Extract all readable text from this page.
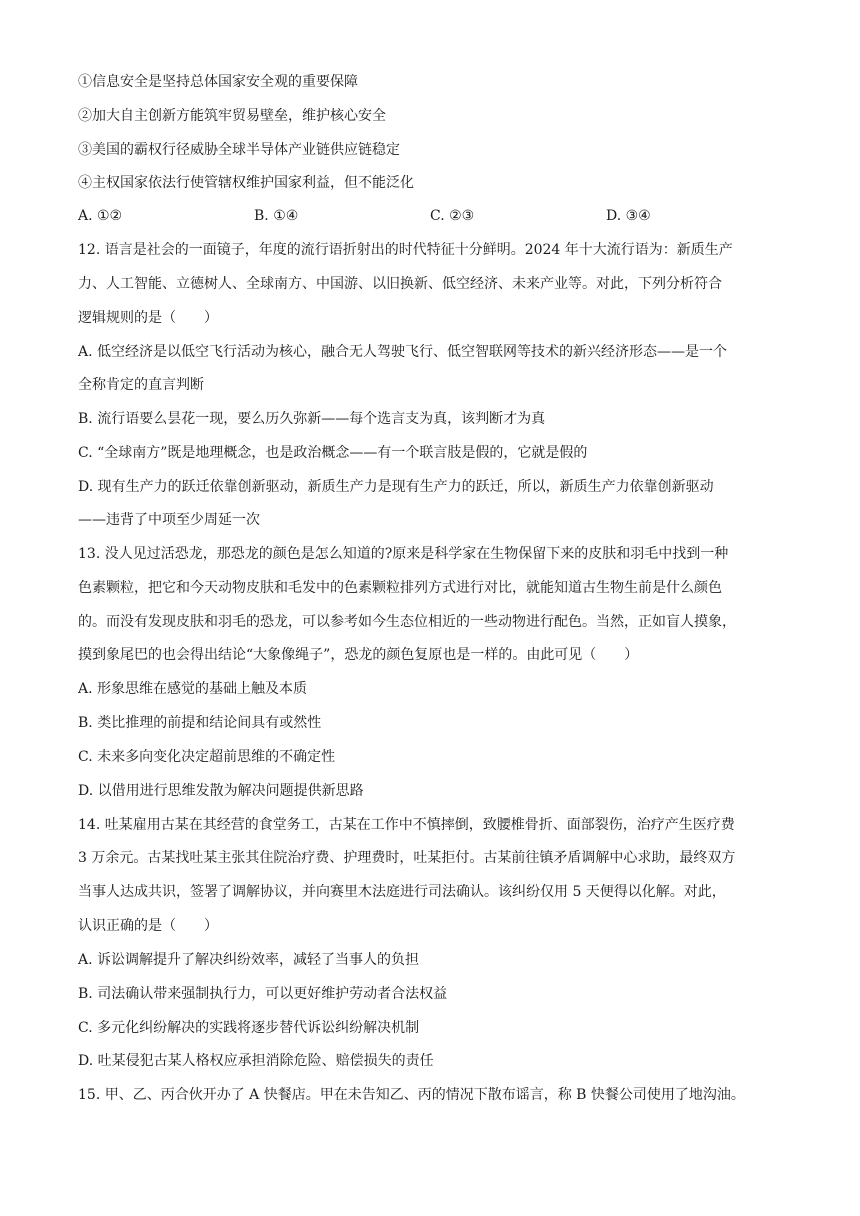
①信息安全是坚持总体国家安全观的重要保障
②加大自主创新方能筑牢贸易壁垒，维护核心安全
③美国的霸权行径威胁全球半导体产业链供应链稳定
④主权国家依法行使管辖权维护国家利益，但不能泛化
A. ①②	B. ①④	C. ②③	D. ③④
12. 语言是社会的一面镜子，年度的流行语折射出的时代特征十分鲜明。2024 年十大流行语为：新质生产
力、人工智能、立德树人、全球南方、中国游、以旧换新、低空经济、未来产业等。对此，下列分析符合
逻辑规则的是（　　）
A. 低空经济是以低空飞行活动为核心，融合无人驾驶飞行、低空智联网等技术的新兴经济形态——是一个
全称肯定的直言判断
B. 流行语要么昙花一现，要么历久弥新——每个选言支为真，该判断才为真
C. “全球南方”既是地理概念，也是政治概念——有一个联言肢是假的，它就是假的
D. 现有生产力的跃迁依靠创新驱动，新质生产力是现有生产力的跃迁，所以，新质生产力依靠创新驱动
——违背了中项至少周延一次
13. 没人见过活恐龙，那恐龙的颜色是怎么知道的?原来是科学家在生物保留下来的皮肤和羽毛中找到一种
色素颗粒，把它和今天动物皮肤和毛发中的色素颗粒排列方式进行对比，就能知道古生物生前是什么颜色
的。而没有发现皮肤和羽毛的恐龙，可以参考如今生态位相近的一些动物进行配色。当然，正如盲人摸象，
摸到象尾巴的也会得出结论“大象像绳子”，恐龙的颜色复原也是一样的。由此可见（　　）
A. 形象思维在感觉的基础上触及本质
B. 类比推理的前提和结论间具有或然性
C. 未来多向变化决定超前思维的不确定性
D. 以借用进行思维发散为解决问题提供新思路
14. 吐某雇用古某在其经营的食堂务工，古某在工作中不慎摔倒，致腰椎骨折、面部裂伤，治疗产生医疗费
3 万余元。古某找吐某主张其住院治疗费、护理费时，吐某拒付。古某前往镇矛盾调解中心求助，最终双方
当事人达成共识，签署了调解协议，并向赛里木法庭进行司法确认。该纠纷仅用 5 天便得以化解。对此，
认识正确的是（　　）
A. 诉讼调解提升了解决纠纷效率，减轻了当事人的负担
B. 司法确认带来强制执行力，可以更好维护劳动者合法权益
C. 多元化纠纷解决的实践将逐步替代诉讼纠纷解决机制
D. 吐某侵犯古某人格权应承担消除危险、赔偿损失的责任
15. 甲、乙、丙合伙开办了 A 快餐店。甲在未告知乙、丙的情况下散布谣言，称 B 快餐公司使用了地沟油。
